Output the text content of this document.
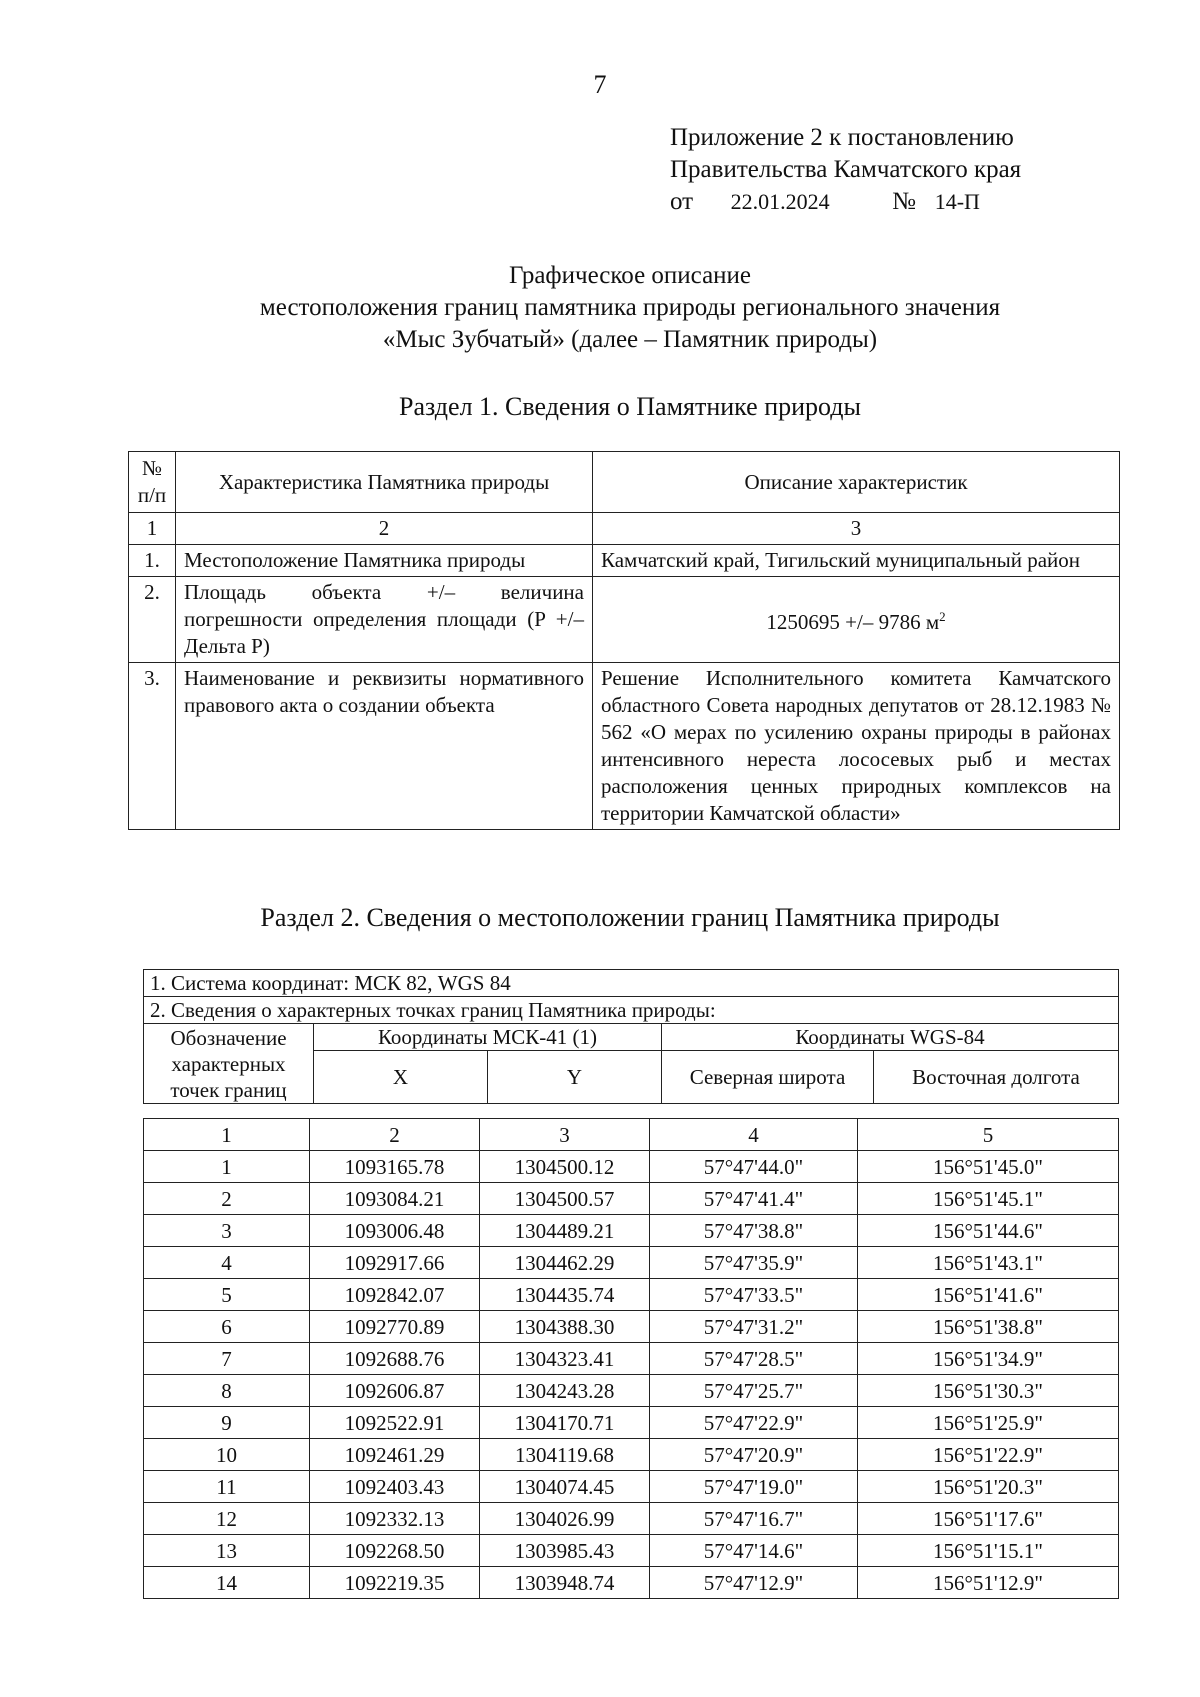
7
Приложение 2 к постановлению
Правительства Камчатского края
от 22.01.2024	№ 14-П
Графическое описание
местоположения границ памятника природы регионального значения
«Мыс Зубчатый» (далее – Памятник природы)
Раздел 1. Сведения о Памятнике природы
№ п/п	Характеристика Памятника природы	Описание характеристик
1	2	3
1.	Местоположение Памятника природы	Камчатский край, Тигильский муниципальный район
2.	Площадь объекта +/– величина погрешности определения площади (P +/– Дельта P)	1250695 +/– 9786 $м^2$
3.	Наименование и реквизиты нормативного правового акта о создании объекта	Решение Исполнительного комитета Камчатского областного Совета народных депутатов от 28.12.1983 № 562 «О мерах по усилению охраны природы в районах интенсивного нереста лососевых рыб и местах расположения ценных природных комплексов на территории Камчатской области»
Раздел 2. Сведения о местоположении границ Памятника природы
1. Система координат: МСК 82, WGS 84				
2. Сведения о характерных точках границ Памятника природы:				
Обозначение характерных точек границ	Координаты МСК-41 (1)		Координаты WGS-84	
	X	Y	Северная широта	Восточная долгота
1	2	3	4	5
1	1093165.78	1304500.12	57°47'44.0"	156°51'45.0"
2	1093084.21	1304500.57	57°47'41.4"	156°51'45.1"
3	1093006.48	1304489.21	57°47'38.8"	156°51'44.6"
4	1092917.66	1304462.29	57°47'35.9"	156°51'43.1"
5	1092842.07	1304435.74	57°47'33.5"	156°51'41.6"
6	1092770.89	1304388.30	57°47'31.2"	156°51'38.8"
7	1092688.76	1304323.41	57°47'28.5"	156°51'34.9"
8	1092606.87	1304243.28	57°47'25.7"	156°51'30.3"
9	1092522.91	1304170.71	57°47'22.9"	156°51'25.9"
10	1092461.29	1304119.68	57°47'20.9"	156°51'22.9"
11	1092403.43	1304074.45	57°47'19.0"	156°51'20.3"
12	1092332.13	1304026.99	57°47'16.7"	156°51'17.6"
13	1092268.50	1303985.43	57°47'14.6"	156°51'15.1"
14	1092219.35	1303948.74	57°47'12.9"	156°51'12.9"
